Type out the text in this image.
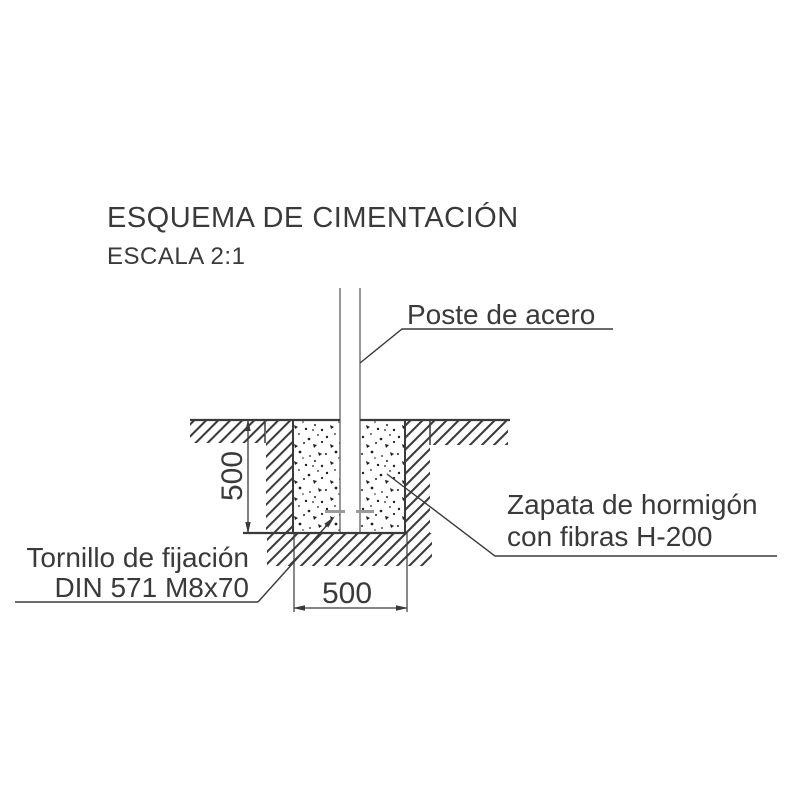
ESQUEMA DE CIMENTACIÓN
ESCALA 2:1
500
500
Poste de acero
Zapata de hormigón
con fibras H-200
Tornillo de fijación
DIN 571 M8x70
